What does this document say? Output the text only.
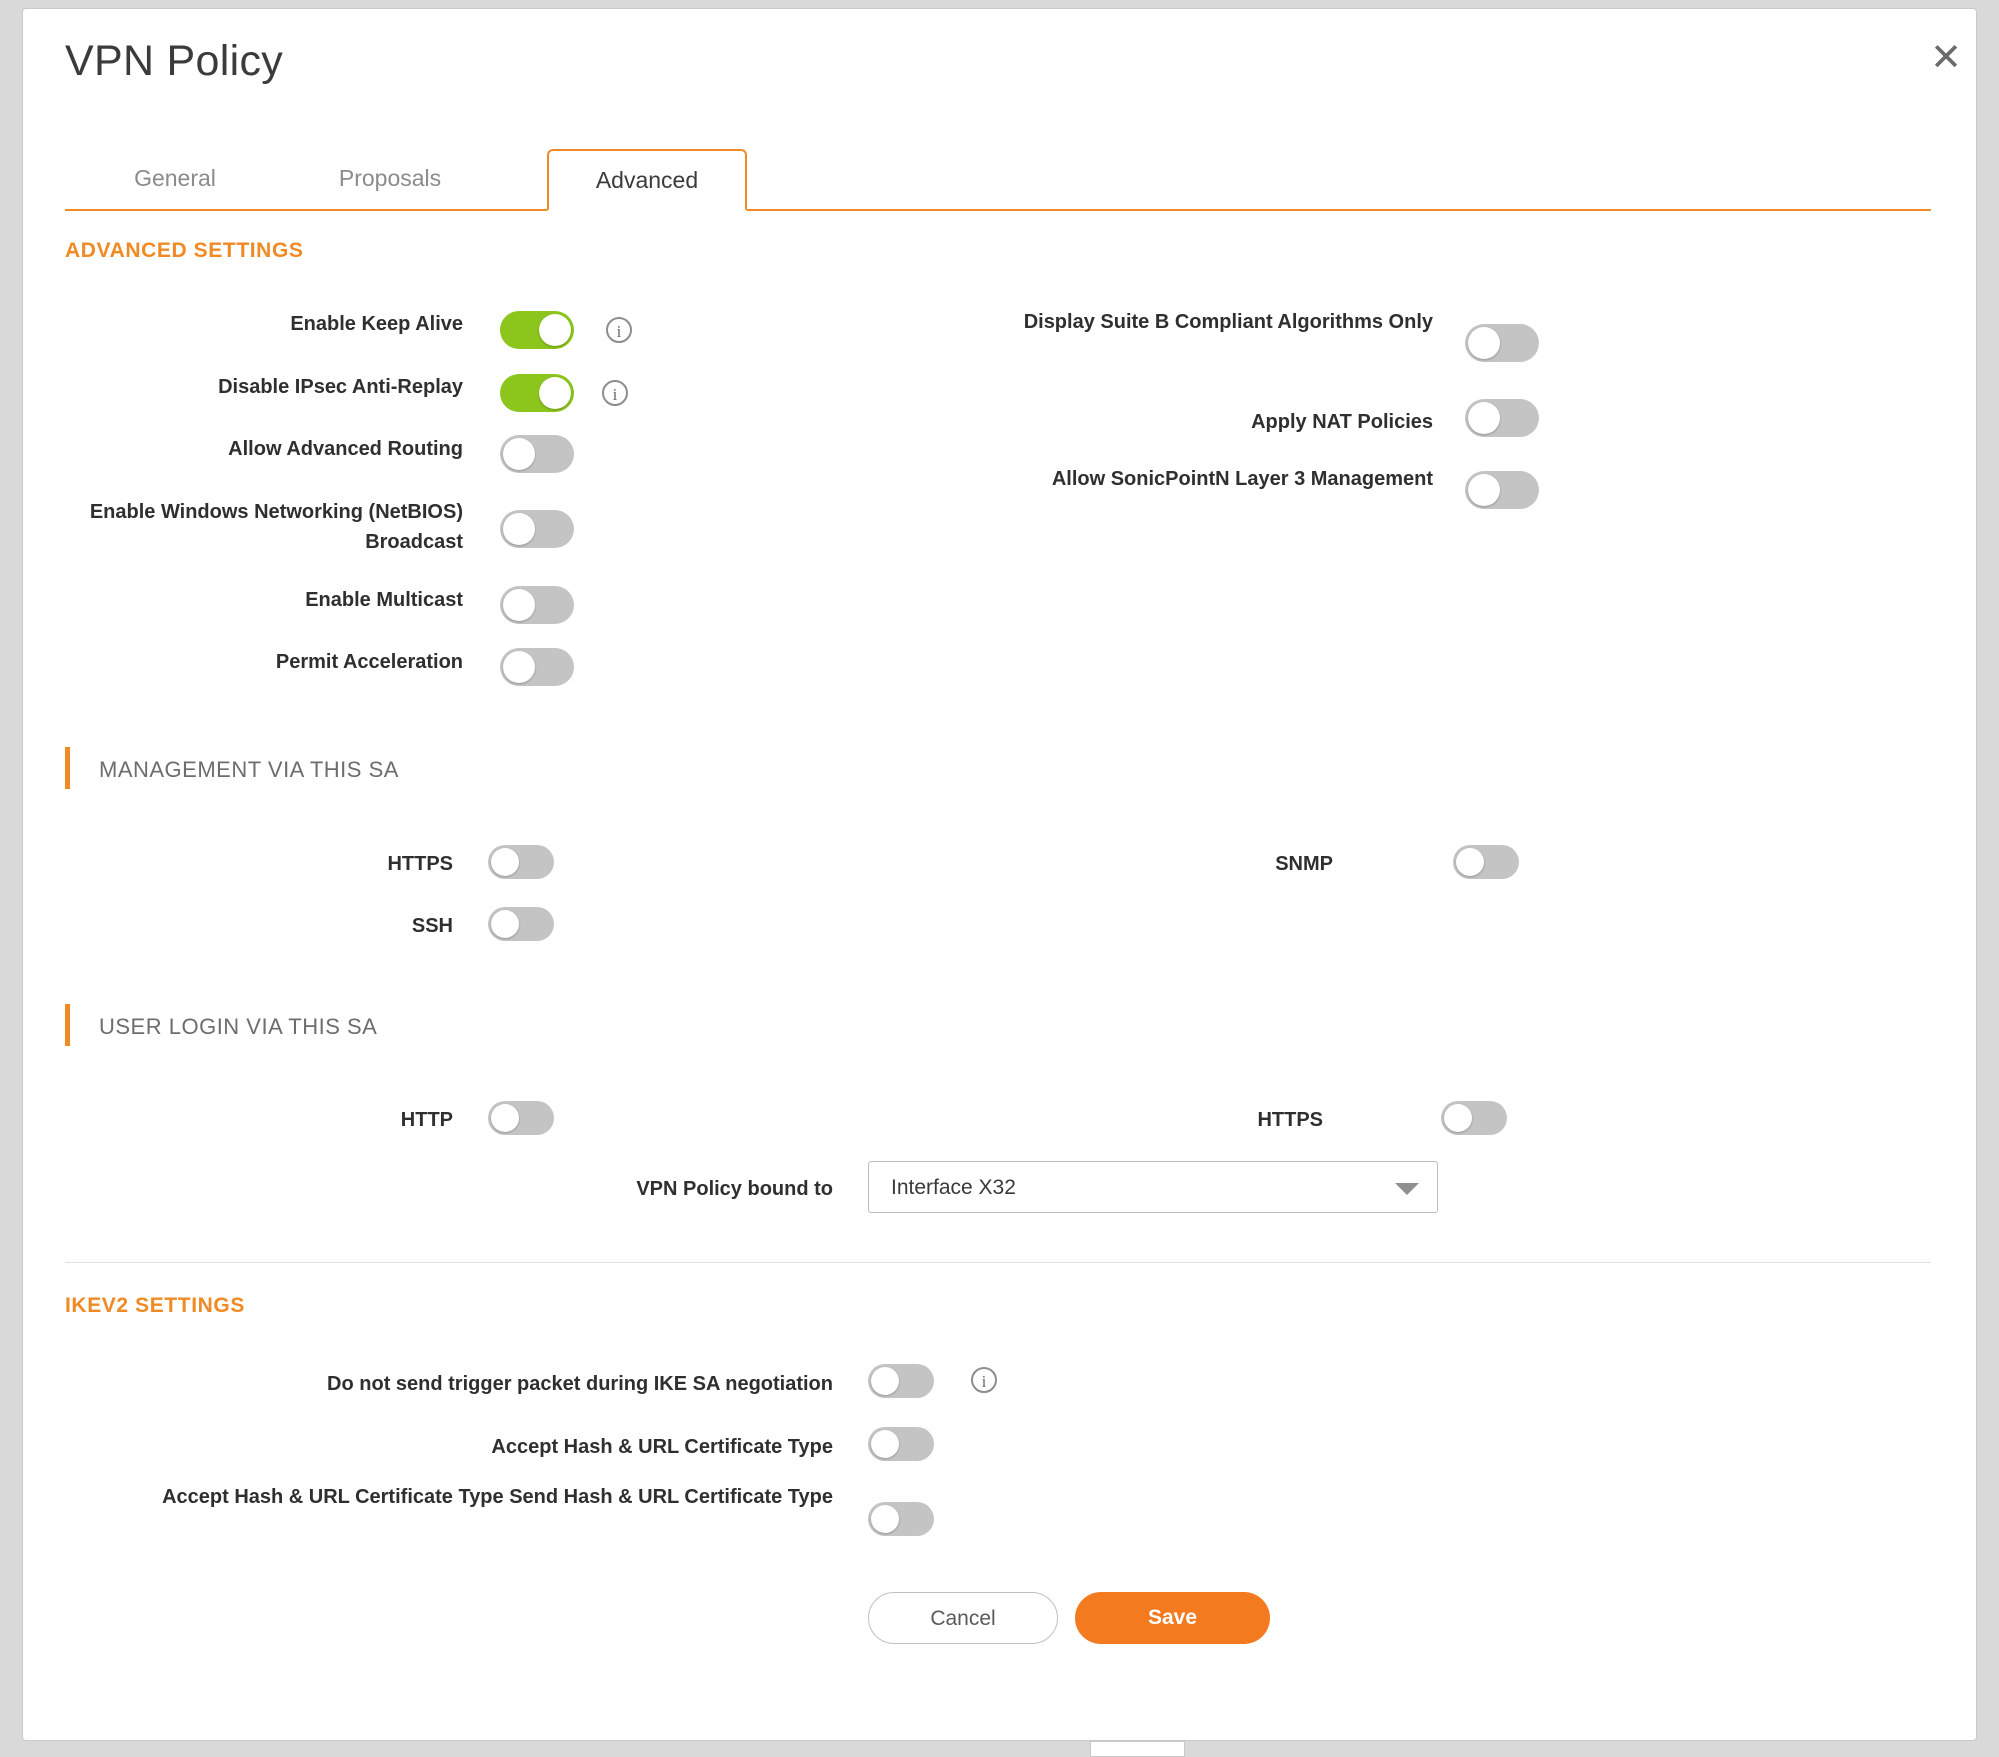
VPN Policy	✕
General	Proposals	Advanced
ADVANCED SETTINGS
Enable Keep Alive	i
Disable IPsec Anti-Replay	i
Allow Advanced Routing
Enable Windows Networking (NetBIOS) Broadcast
Enable Multicast
Permit Acceleration
Display Suite B Compliant Algorithms Only
Apply NAT Policies
Allow SonicPointN Layer 3 Management
MANAGEMENT VIA THIS SA
HTTPS
SSH
SNMP
USER LOGIN VIA THIS SA
HTTP	HTTPS
VPN Policy bound to	Interface X32
IKEV2 SETTINGS
Do not send trigger packet during IKE SA negotiation	i
Accept Hash & URL Certificate Type
Accept Hash & URL Certificate Type Send Hash & URL Certificate Type
Cancel	Save
